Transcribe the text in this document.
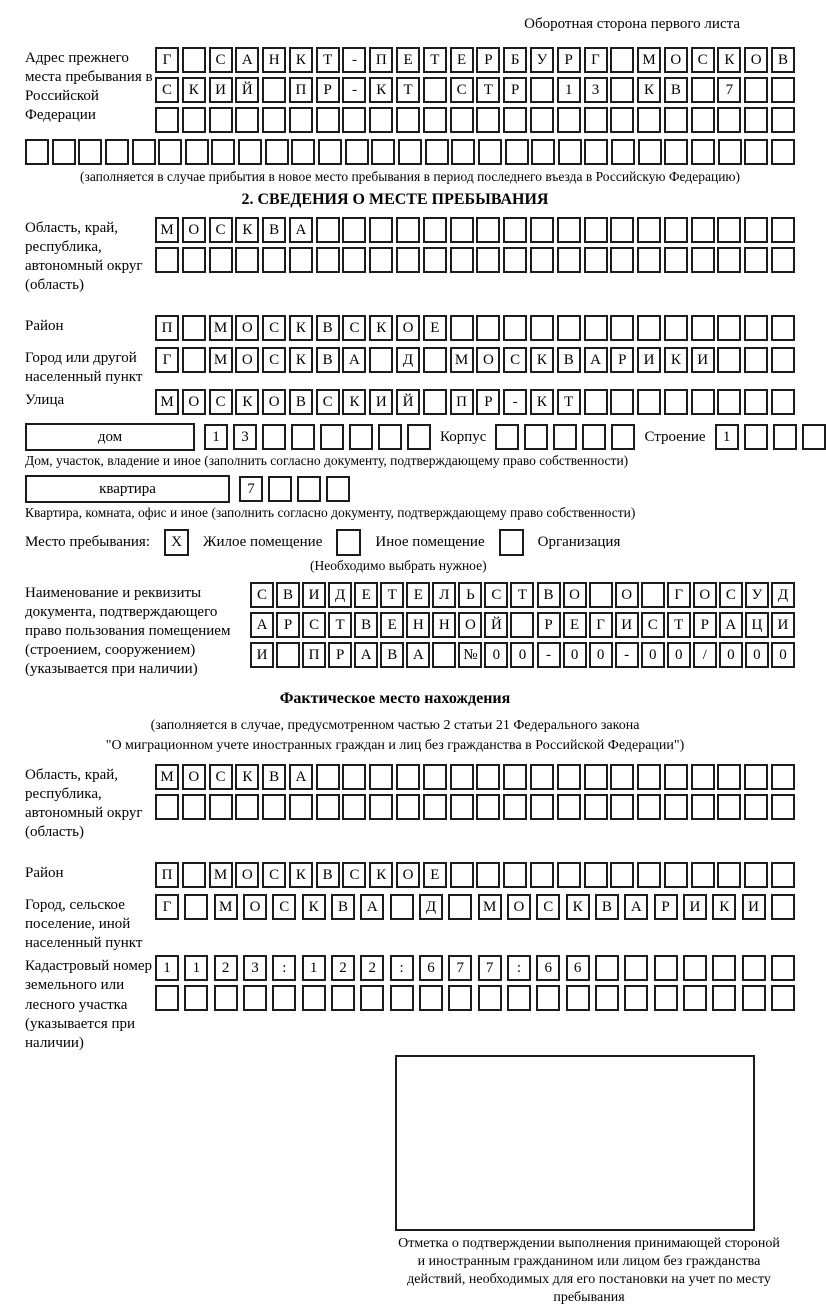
Оборотная сторона первого листа
Адрес прежнего места пребывания в Российской Федерации
Г	С	А	Н	К	Т	-	П	Е	Т	Е	Р	Б	У	Р	Г	М О	С	К	О	В
С	К	И	Й	П	Р	-	К	Т	С	Т	Р	1	3	К	В	7
(заполняется в случае прибытия в новое место пребывания в период последнего въезда в Российскую Федерацию)
2. СВЕДЕНИЯ О МЕСТЕ ПРЕБЫВАНИЯ
Область, край, республика, автономный округ (область)
М О	С	К	В	А
Район	П	М О	С	К	В	С	К	О	Е
Город или другой населенный пункт
Г	М О	С	К	В	А	Д	М О	С	К	В	А	Р	И	К	И
Улица	М О	С	К	О	В	С	К	И	Й	П	Р	-	К	Т
дом	1	3	Корпус	Строение	1
Дом, участок, владение и иное (заполнить согласно документу, подтверждающему право собственности)
квартира	7
Квартира, комната, офис и иное (заполнить согласно документу, подтверждающему право собственности)
Место пребывания:	X	Жилое помещение	Иное помещение	Организация
(Необходимо выбрать нужное)
Наименование и реквизиты документа, подтверждающего право пользования помещением (строением, сооружением) (указывается при наличии)
С	В	И	Д	Е	Т	Е	Л	Ь	С	Т	В	О	О	Г	О	С	У	Д
А	Р	С	Т	В	Е	Н	Н	О	Й	Р	Е	Г	И	С	Т	Р	А	Ц	И
И	П	Р	А	В	А	№	0	0	-	0	0	-	0	0	/	0	0	0
Фактическое место нахождения
(заполняется в случае, предусмотренном частью 2 статьи 21 Федерального закона
"О миграционном учете иностранных граждан и лиц без гражданства в Российской Федерации")
Область, край, республика, автономный округ (область)
М О	С	К	В	А
Район	П	М О	С	К	В	С	К	О	Е
Город, сельское поселение, иной населенный пункт
Г	М	О	С	К	В	А	Д	М	О	С	К	В	А	Р	И	К	И
Кадастровый номер земельного или лесного участка (указывается при наличии)
1	1	2	3	:	1	2	2	:	6	7	7	:	6	6
Отметка о подтверждении выполнения принимающей стороной и иностранным гражданином или лицом без гражданства действий, необходимых для его постановки на учет по месту пребывания
